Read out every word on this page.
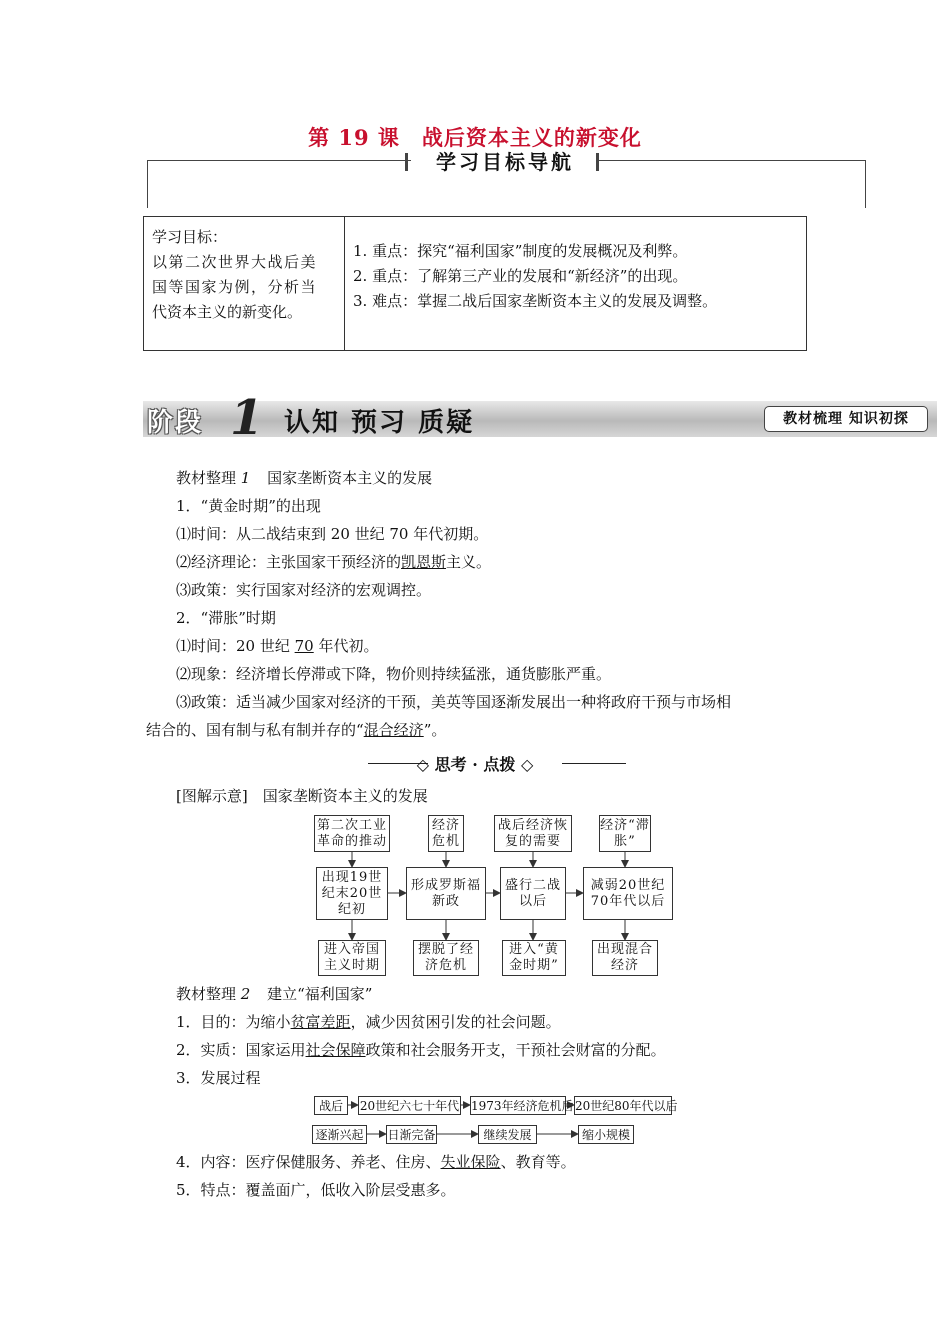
第 19 课　战后资本主义的新变化
学习目标导航
学习目标：
以第二次世界大战后美
国等国家为例，分析当
代资本主义的新变化。

1. 重点：探究“福利国家”制度的发展概况及利弊。
2. 重点：了解第三产业的发展和“新经济”的出现。
3. 难点：掌握二战后国家垄断资本主义的发展及调整。
阶段 1 认知 预习 质疑	教材梳理 知识初探
教材整理 1 国家垄断资本主义的发展
1．“黄金时期”的出现
⑴时间：从二战结束到 20 世纪 70 年代初期。
⑵经济理论：主张国家干预经济的凯恩斯主义。
⑶政策：实行国家对经济的宏观调控。
2．“滞胀”时期
⑴时间：20 世纪 70 年代初。
⑵现象：经济增长停滞或下降，物价则持续猛涨，通货膨胀严重。
⑶政策：适当减少国家对经济的干预，美英等国逐渐发展出一种将政府干预与市场相
结合的、国有制与私有制并存的“混合经济”。
◇ 思考 · 点拨 ◇
[图解示意]　国家垄断资本主义的发展
第二次工业革命的推动
经济危机
战后经济恢复的需要
经济“滞胀”
出现19世纪末20世纪初
形成罗斯福新政
盛行二战以后
减弱20世纪70年代以后
进入帝国主义时期
摆脱了经济危机
进入“黄金时期”
出现混合经济
教材整理 2 建立“福利国家”
1．目的：为缩小贫富差距，减少因贫困引发的社会问题。
2．实质：国家运用社会保障政策和社会服务开支，干预社会财富的分配。
3．发展过程
战后	20世纪六七十年代 1973年经济危机后 20世纪80年代以后
逐渐兴起 日渐完备	继续发展	缩小规模
4．内容：医疗保健服务、养老、住房、失业保险、教育等。
5．特点：覆盖面广，低收入阶层受惠多。
